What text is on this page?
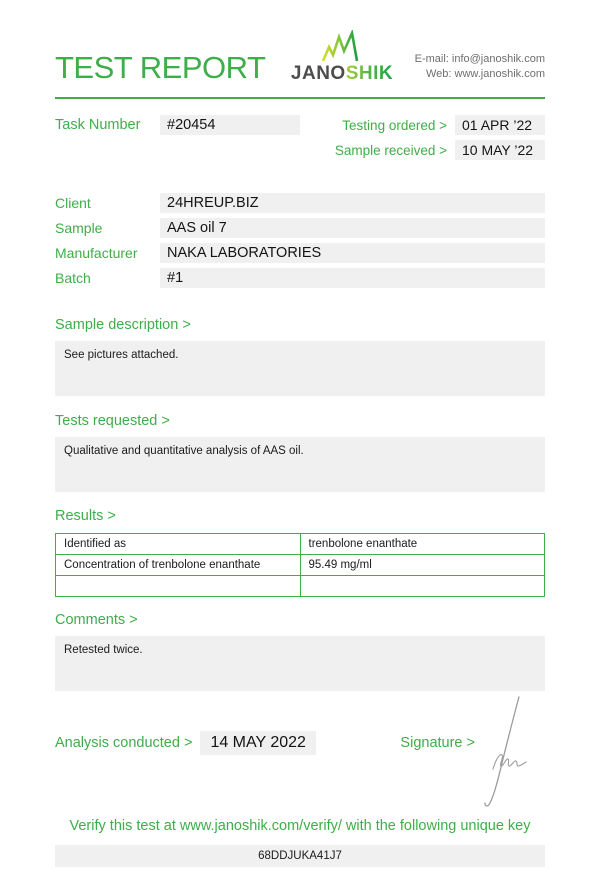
TEST REPORT JANOSHIK
E-mail: info@janoshik.com
Web: www.janoshik.com
Task Number	#20454	Testing ordered >	01 APR ’22
Sample received >	10 MAY ’22
Client	24HREUP.BIZ
Sample	AAS oil 7
Manufacturer	NAKA LABORATORIES
Batch	#1
Sample description >
See pictures attached.
Tests requested >
Qualitative and quantitative analysis of AAS oil.
Results >
Identified as	trenbolone enanthate
Concentration of trenbolone enanthate	95.49 mg/ml

Comments >
Retested twice.
Analysis conducted >	14 MAY 2022	Signature >
Verify this test at www.janoshik.com/verify/ with the following unique key
68DDJUKA41J7
